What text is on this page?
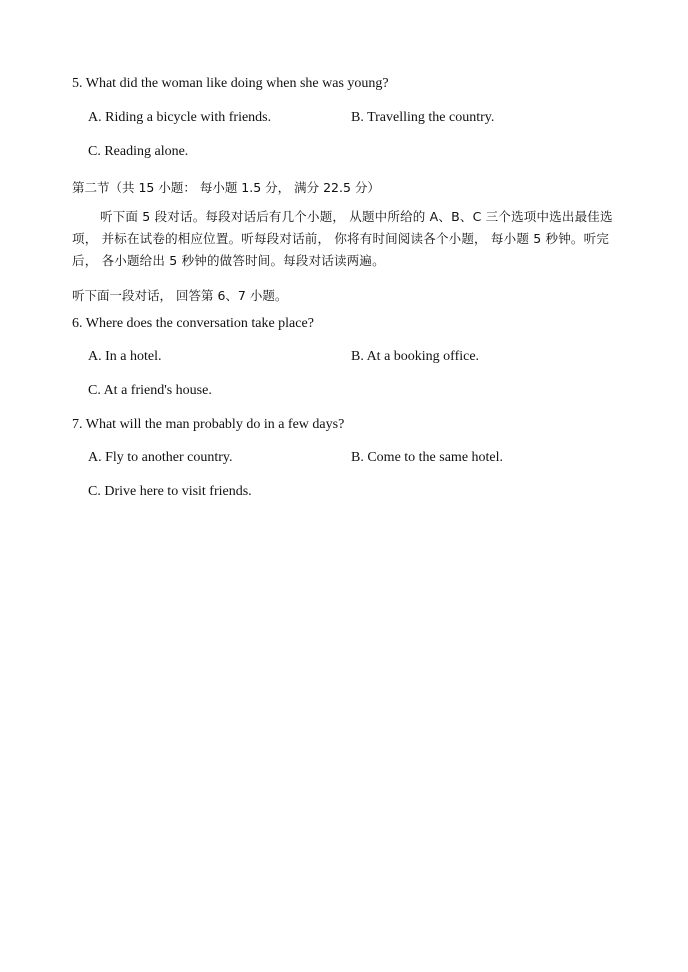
5. What did the woman like doing when she was young?
A. Riding a bicycle with friends.	B. Travelling the country.
C. Reading alone.
第二节（共 15 小题： 每小题 1.5 分， 满分 22.5 分）
听下面 5 段对话。每段对话后有几个小题， 从题中所给的 A、B、C 三个选项中选出最佳选项， 并标在试卷的相应位置。听每段对话前， 你将有时间阅读各个小题， 每小题 5 秒钟。听完后， 各小题给出 5 秒钟的做答时间。每段对话读两遍。
听下面一段对话， 回答第 6、7 小题。
6. Where does the conversation take place?
A. In a hotel.	B. At a booking office.
C. At a friend's house.
7. What will the man probably do in a few days?
A. Fly to another country.	B. Come to the same hotel.
C. Drive here to visit friends.
